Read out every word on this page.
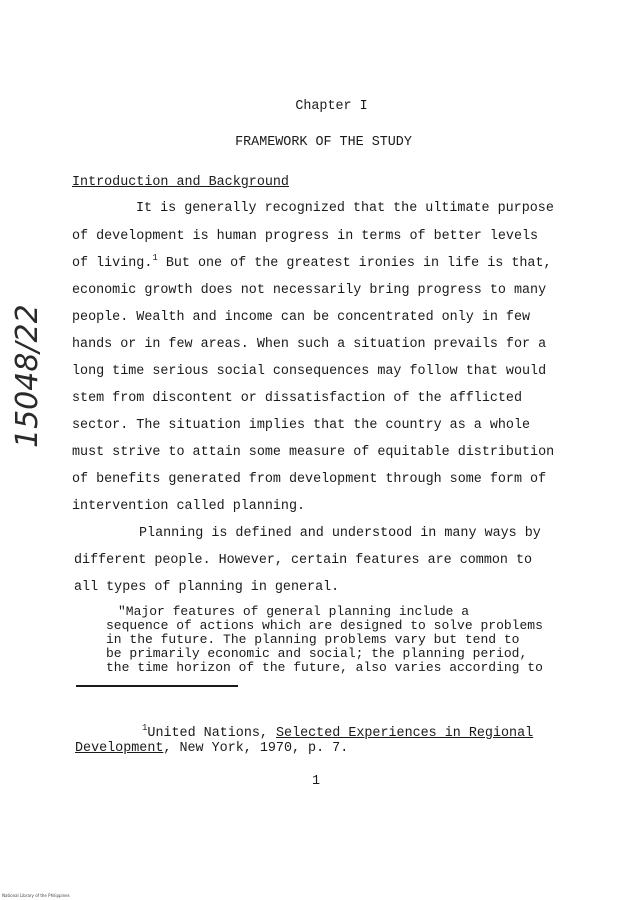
Chapter I
FRAMEWORK OF THE STUDY
Introduction and Background
It is generally recognized that the ultimate purpose
of development is human progress in terms of better levels
of living.$^1$ But one of the greatest ironies in life is that,
economic growth does not necessarily bring progress to many
people. Wealth and income can be concentrated only in few
hands or in few areas. When such a situation prevails for a
long time serious social consequences may follow that would
stem from discontent or dissatisfaction of the afflicted
sector. The situation implies that the country as a whole
must strive to attain some measure of equitable distribution
of benefits generated from development through some form of
intervention called planning.
Planning is defined and understood in many ways by
different people. However, certain features are common to
all types of planning in general.
"Major features of general planning include a
sequence of actions which are designed to solve problems
in the future. The planning problems vary but tend to
be primarily economic and social; the planning period,
the time horizon of the future, also varies according to
$^1$United Nations, Selected Experiences in Regional
Development, New York, 1970, p. 7.
1
15048/22
National Library of the Philippines
